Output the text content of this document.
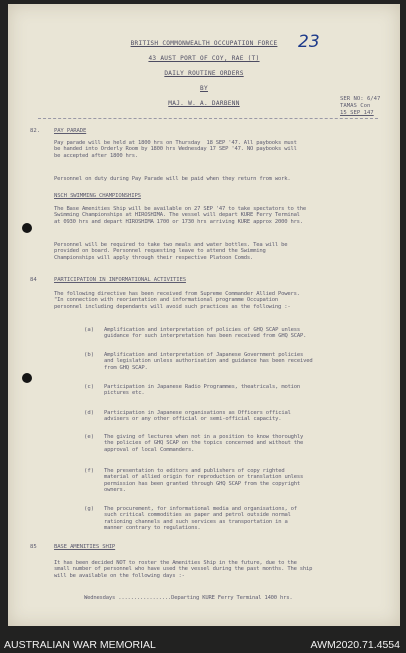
23
BRITISH COMMONWEALTH OCCUPATION FORCE
43 AUST PORT OF COY, RAE (T)
DAILY ROUTINE ORDERS
BY
MAJ. W. A. DARBENN
SER NO: 6/47
TAMAS Con
15 SEP 147
82. PAY PARADE
Pay parade will be held at 1800 hrs on Thursday  18 SEP '47. All paybooks must
be handed into Orderly Room by 1800 hrs Wednesday 17 SEP '47. NO paybooks will
be accepted after 1800 hrs.
Personnel on duty during Pay Parade will be paid when they return from work.
NSCH SWIMMING CHAMPIONSHIPS
The Base Amenities Ship will be available on 27 SEP '47 to take spectators to the
Swimming Championships at HIROSHIMA. The vessel will depart KURE Ferry Terminal
at 0930 hrs and depart HIROSHIMA 1700 or 1730 hrs arriving KURE approx 2000 hrs.
Personnel will be required to take two meals and water bottles. Tea will be
provided on board. Personnel requesting leave to attend the Swimming
Championships will apply through their respective Platoon Comds.
84	PARTICIPATION IN INFORMATIONAL ACTIVITIES
The following directive has been received from Supreme Commander Allied Powers.
"In connection with reorientation and informational programme Occupation
personnel including dependants will avoid such practices as the following :-
(a) Amplification and interpretation of policies of GHQ SCAP unless
guidance for such interpretation has been received from GHQ SCAP.
(b) Amplification and interpretation of Japanese Government policies
and legislation unless authorisation and guidance has been received
from GHQ SCAP.
(c) Participation in Japanese Radio Programmes, theatricals, motion
pictures etc.
(d) Participation in Japanese organisations as Officers official
advisers or any other official or semi-official capacity.
(e) The giving of lectures when not in a position to know thoroughly
the policies of GHQ SCAP on the topics concerned and without the
approval of local Commanders.
(f) The presentation to editors and publishers of copy righted
material of allied origin for reproduction or translation unless
permission has been granted through GHQ SCAP from the copyright
owners.
(g) The procurement, for informational media and organisations, of
such critical commodities as paper and petrol outside normal
rationing channels and such services as transportation in a
manner contrary to regulations.
85	BASE AMENITIES SHIP
It has been decided NOT to roster the Amenities Ship in the future, due to the
small number of personnel who have used the vessel during the past months. The ship
will be available on the following days :-
Wednesdays .................Departing KURE Ferry Terminal 1400 hrs.
AUSTRALIAN WAR MEMORIAL	AWM2020.71.4554
